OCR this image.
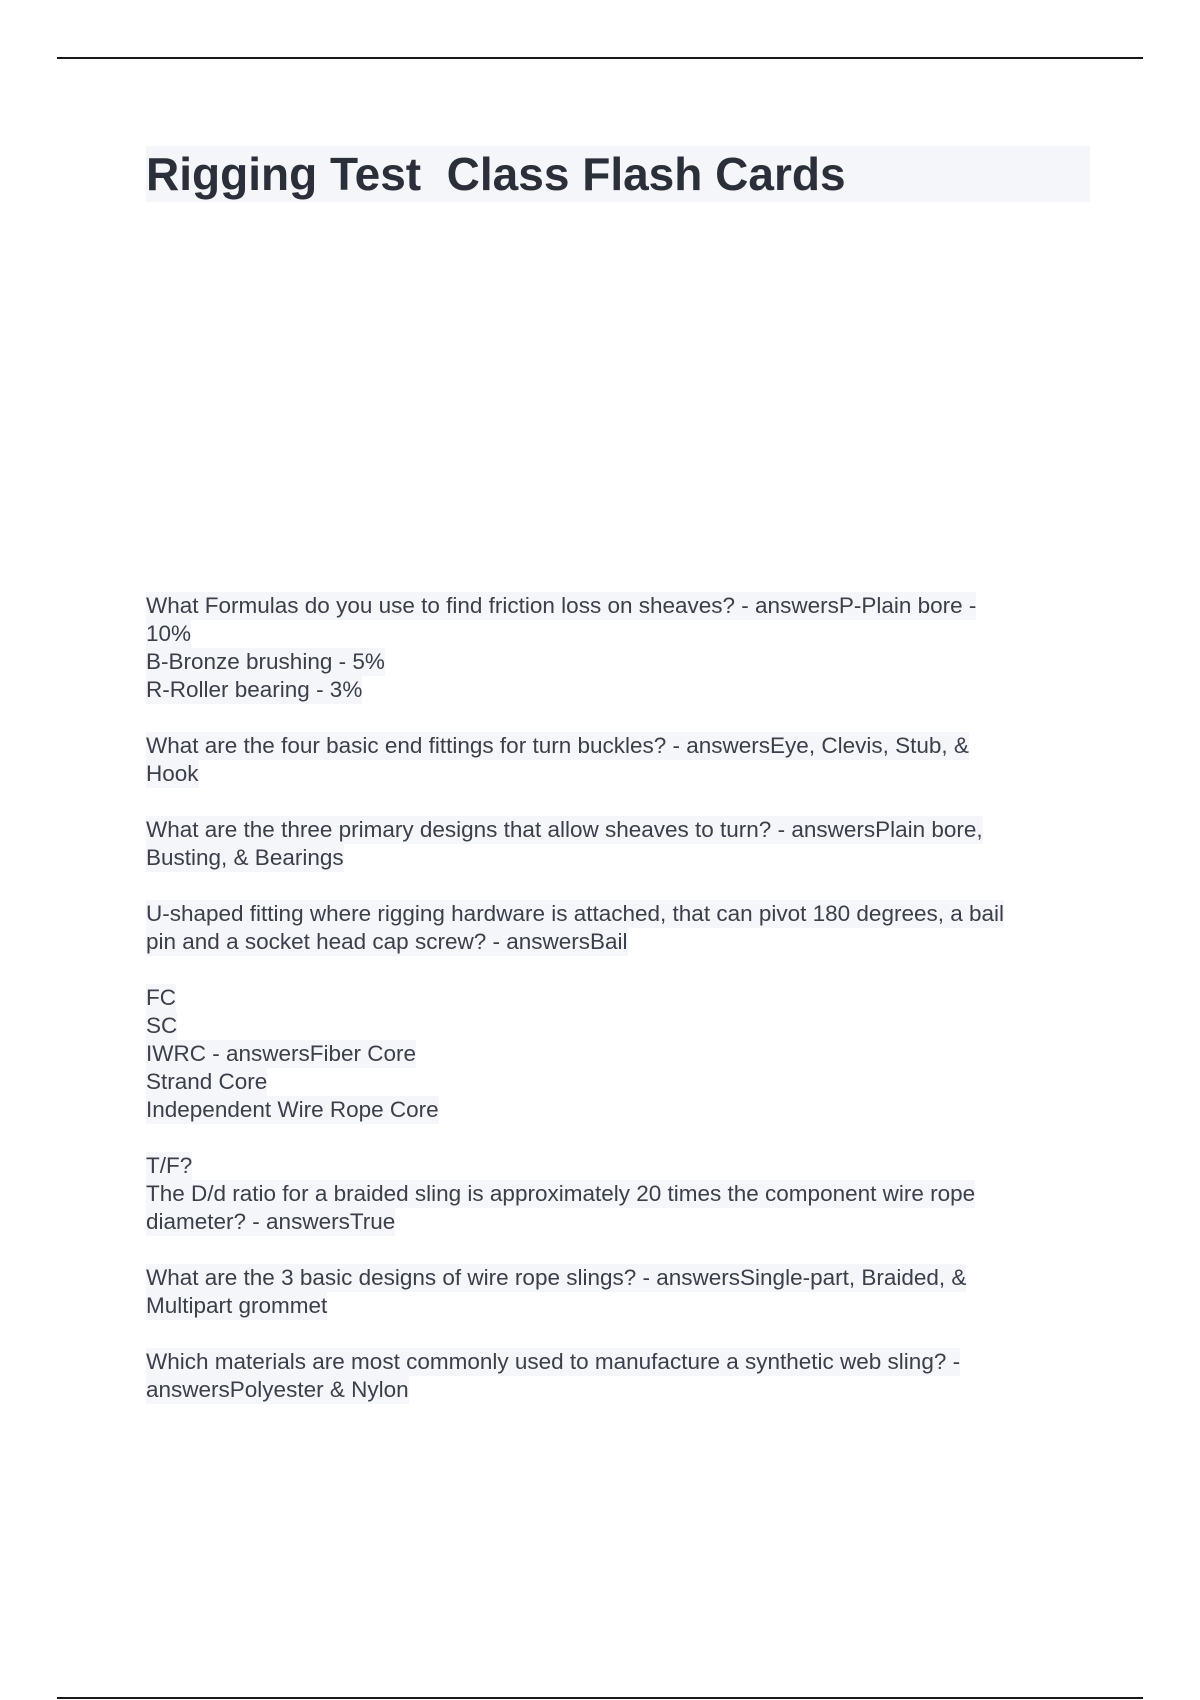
Rigging Test  Class Flash Cards
What Formulas do you use to find friction loss on sheaves? - answersP-Plain bore -
10%
B-Bronze brushing - 5%
R-Roller bearing - 3%
What are the four basic end fittings for turn buckles? - answersEye, Clevis, Stub, &
Hook
What are the three primary designs that allow sheaves to turn? - answersPlain bore,
Busting, & Bearings
U-shaped fitting where rigging hardware is attached, that can pivot 180 degrees, a bail
pin and a socket head cap screw? - answersBail
FC
SC
IWRC - answersFiber Core
Strand Core
Independent Wire Rope Core
T/F?
The D/d ratio for a braided sling is approximately 20 times the component wire rope
diameter? - answersTrue
What are the 3 basic designs of wire rope slings? - answersSingle-part, Braided, &
Multipart grommet
Which materials are most commonly used to manufacture a synthetic web sling? -
answersPolyester & Nylon
